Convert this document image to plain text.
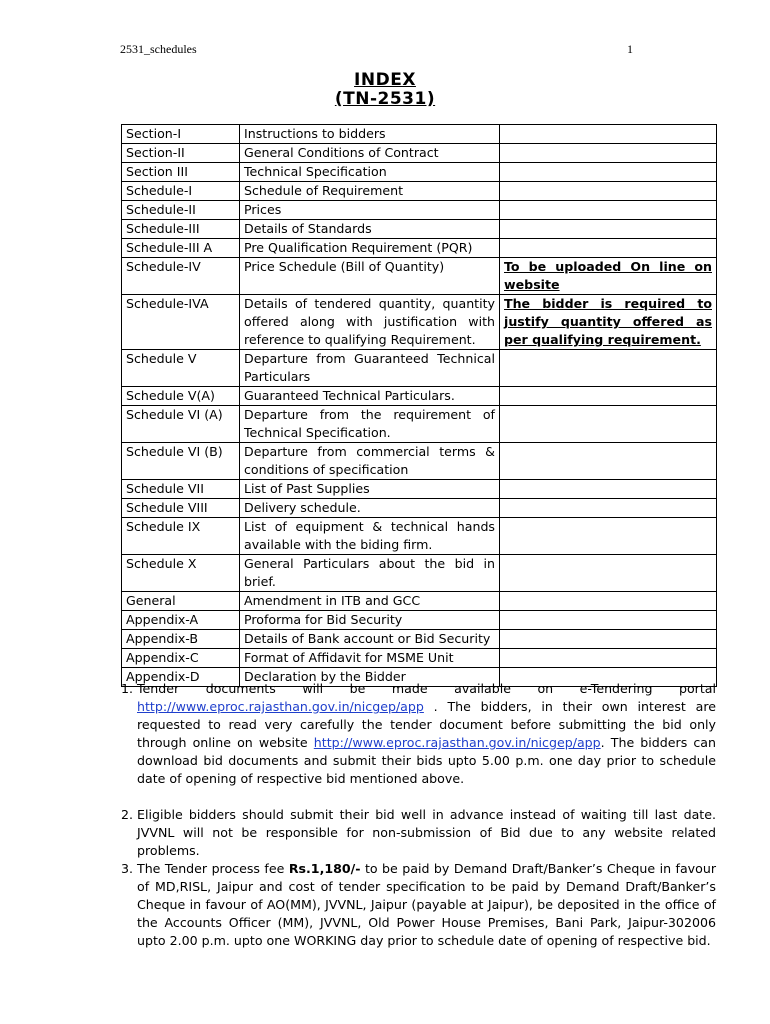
2531_schedules	1
INDEX
(TN-2531)
Section-I	Instructions to bidders	
Section-II	General Conditions of Contract	
Section III	Technical Specification	
Schedule-I	Schedule of Requirement	
Schedule-II	Prices	
Schedule-III	Details of Standards	
Schedule-III A	Pre Qualification Requirement (PQR)	
Schedule-IV	Price Schedule (Bill of Quantity)	To be uploaded On line on website
Schedule-IVA	Details of tendered quantity, quantity offered along with justification with reference to qualifying Requirement.	The bidder is required to justify quantity offered as per qualifying requirement.
Schedule V	Departure from Guaranteed Technical Particulars	
Schedule V(A)	Guaranteed Technical Particulars.	
Schedule VI (A)	Departure from the requirement of Technical Specification.	
Schedule VI (B)	Departure from commercial terms & conditions of specification	
Schedule VII	List of Past Supplies	
Schedule VIII	Delivery schedule.	
Schedule IX	List of equipment & technical hands available with the biding firm.	
Schedule X	General Particulars about the bid in brief.	
General	Amendment in ITB and GCC	
Appendix-A	Proforma for Bid Security	
Appendix-B	Details of Bank account or Bid Security	
Appendix-C	Format of Affidavit for MSME Unit	
Appendix-D	Declaration by the Bidder	
1. Tender documents will be made available on e-Tendering portal http://www.eproc.rajasthan.gov.in/nicgep/app . The bidders, in their own interest are requested to read very carefully the tender document before submitting the bid only through online on website http://www.eproc.rajasthan.gov.in/nicgep/app. The bidders can download bid documents and submit their bids upto 5.00 p.m. one day prior to schedule date of opening of respective bid mentioned above.
2. Eligible bidders should submit their bid well in advance instead of waiting till last date. JVVNL will not be responsible for non-submission of Bid due to any website related problems.
3. The Tender process fee Rs.1,180/- to be paid by Demand Draft/Banker’s Cheque in favour of MD,RISL, Jaipur and cost of tender specification to be paid by Demand Draft/Banker’s Cheque in favour of AO(MM), JVVNL, Jaipur (payable at Jaipur), be deposited in the office of the Accounts Officer (MM), JVVNL, Old Power House Premises, Bani Park, Jaipur-302006 upto 2.00 p.m. upto one WORKING day prior to schedule date of opening of respective bid.
